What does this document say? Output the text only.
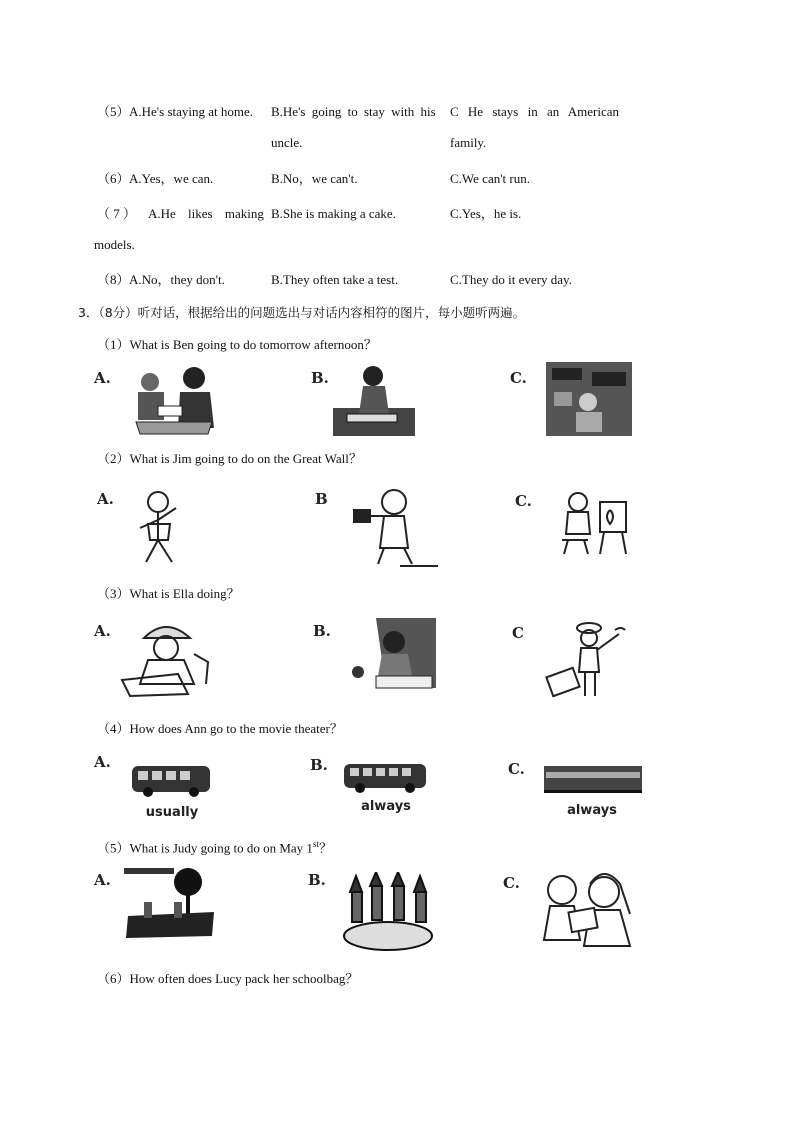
（5） A.He's staying at home. B.He's going to stay with his
uncle.
C He stays in an American
family.
（6） A.Yes，we can.	B.No，we can't.	C.We can't run.
（ 7 ） A.He likes making
models.
B.She is making a cake.	C.Yes，he is.
（8） A.No，they don't.	B.They often take a test.	C.They do it every day.
3．（8分）听对话，根据给出的问题选出与对话内容相符的图片，每小题听两遍。
（1）What is Ben going to do tomorrow afternoon？
A.	B.	C.
（2）What is Jim going to do on the Great Wall？
A.	B	C.
（3）What is Ella doing？
A.	B.	C
（4）How does Ann go to the movie theater？
A.	B.	C.
usually	always	always
（5）What is Judy going to do on May 1st？
A.	B.	C.
（6）How often does Lucy pack her schoolbag？
